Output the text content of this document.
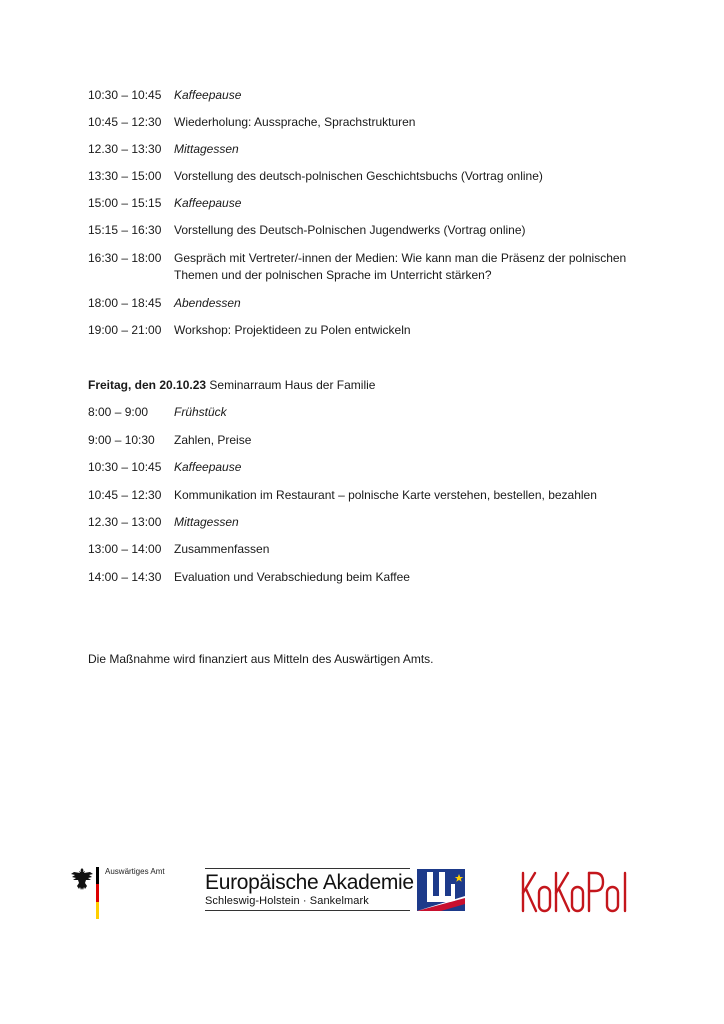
10:30 – 10:45	Kaffeepause
10:45 – 12:30	Wiederholung: Aussprache, Sprachstrukturen
12.30 – 13:30	Mittagessen
13:30 – 15:00	Vorstellung des deutsch-polnischen Geschichtsbuchs (Vortrag online)
15:00 – 15:15	Kaffeepause
15:15 – 16:30	Vorstellung des Deutsch-Polnischen Jugendwerks (Vortrag online)
16:30 – 18:00	Gespräch mit Vertreter/-innen der Medien: Wie kann man die Präsenz der polnischen Themen und der polnischen Sprache im Unterricht stärken?
18:00 – 18:45	Abendessen
19:00 – 21:00	Workshop: Projektideen zu Polen entwickeln
Freitag, den 20.10.23 Seminarraum Haus der Familie
8:00 – 9:00	Frühstück
9:00 – 10:30	Zahlen, Preise
10:30 – 10:45	Kaffeepause
10:45 – 12:30	Kommunikation im Restaurant – polnische Karte verstehen, bestellen, bezahlen
12.30 – 13:00	Mittagessen
13:00 – 14:00	Zusammenfassen
14:00 – 14:30	Evaluation und Verabschiedung beim Kaffee
Die Maßnahme wird finanziert aus Mitteln des Auswärtigen Amts.
Auswärtiges Amt Europäische Akademie
Schleswig-Holstein · Sankelmark
